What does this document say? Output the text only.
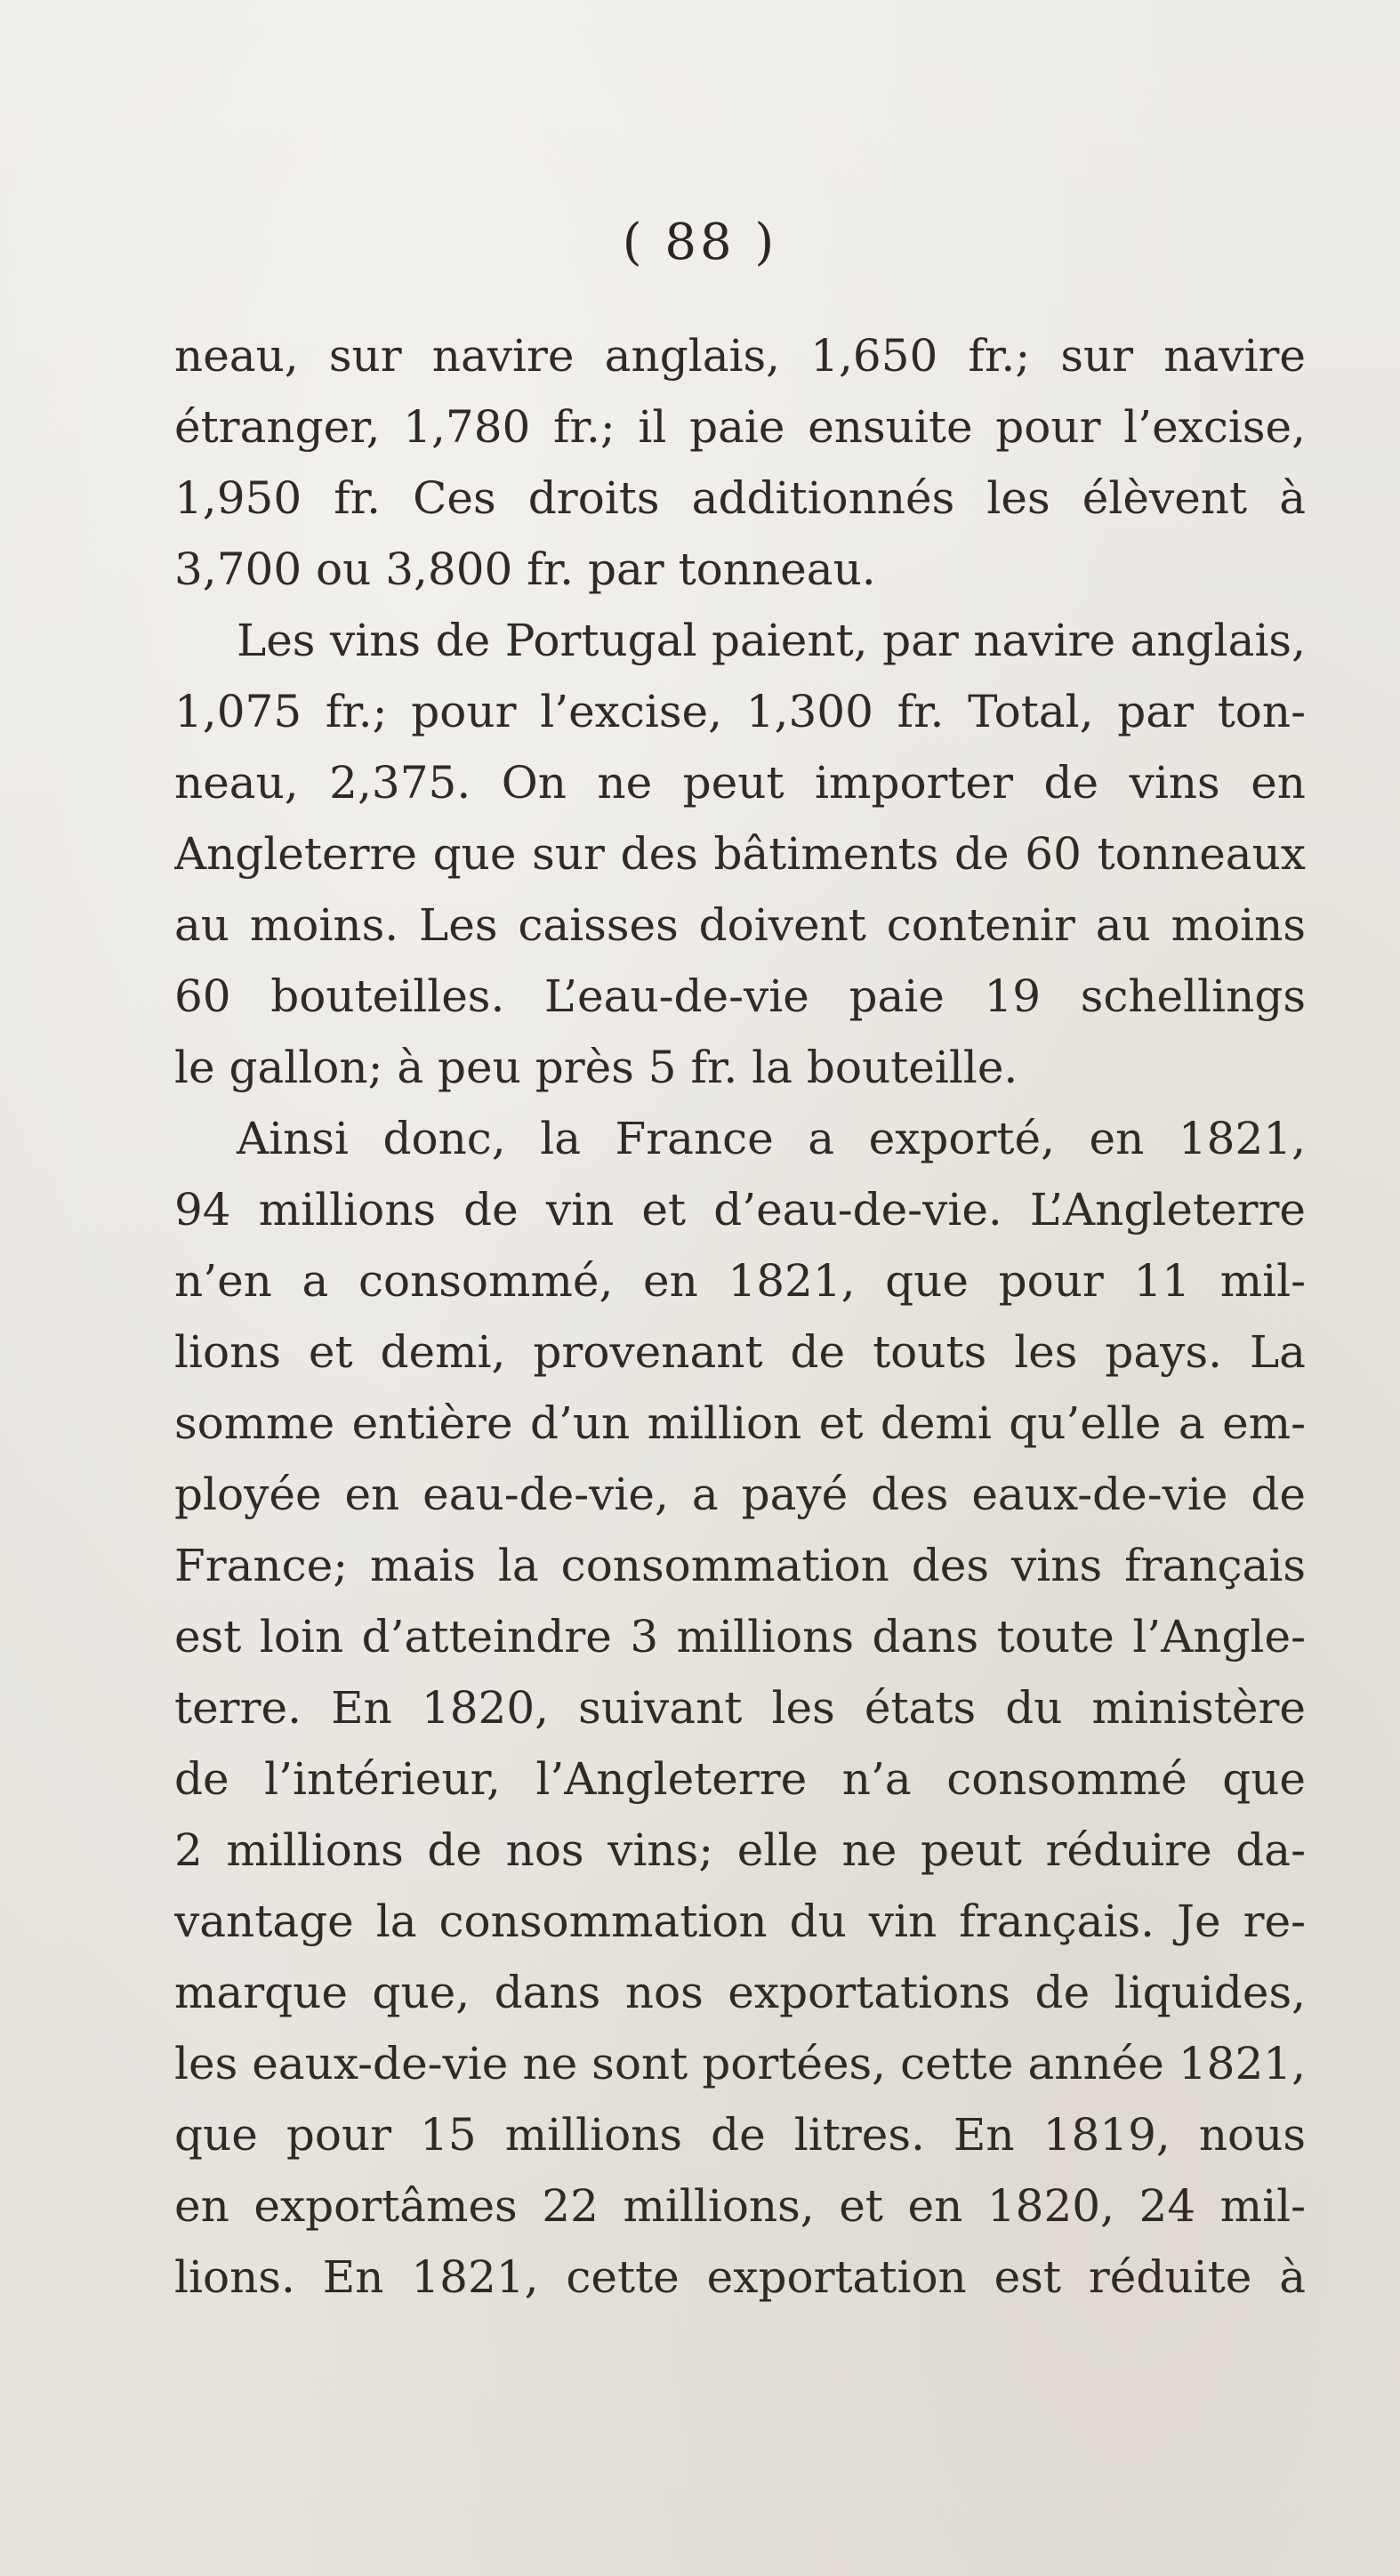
( 88 )
neau, sur navire anglais, 1,650 fr.; sur navire
étranger, 1,780 fr.; il paie ensuite pour l’excise,
1,950 fr. Ces droits additionnés les élèvent à
3,700 ou 3,800 fr. par tonneau.
Les vins de Portugal paient, par navire anglais,
1,075 fr.; pour l’excise, 1,300 fr. Total, par ton-
neau, 2,375. On ne peut importer de vins en
Angleterre que sur des bâtiments de 60 tonneaux
au moins. Les caisses doivent contenir au moins
60 bouteilles. L’eau-de-vie paie 19 schellings
le gallon; à peu près 5 fr. la bouteille.
Ainsi donc, la France a exporté, en 1821,
94 millions de vin et d’eau-de-vie. L’Angleterre
n’en a consommé, en 1821, que pour 11 mil-
lions et demi, provenant de touts les pays. La
somme entière d’un million et demi qu’elle a em-
ployée en eau-de-vie, a payé des eaux-de-vie de
France; mais la consommation des vins français
est loin d’atteindre 3 millions dans toute l’Angle-
terre. En 1820, suivant les états du ministère
de l’intérieur, l’Angleterre n’a consommé que
2 millions de nos vins; elle ne peut réduire da-
vantage la consommation du vin français. Je re-
marque que, dans nos exportations de liquides,
les eaux-de-vie ne sont portées, cette année 1821,
que pour 15 millions de litres. En 1819, nous
en exportâmes 22 millions, et en 1820, 24 mil-
lions. En 1821, cette exportation est réduite à
